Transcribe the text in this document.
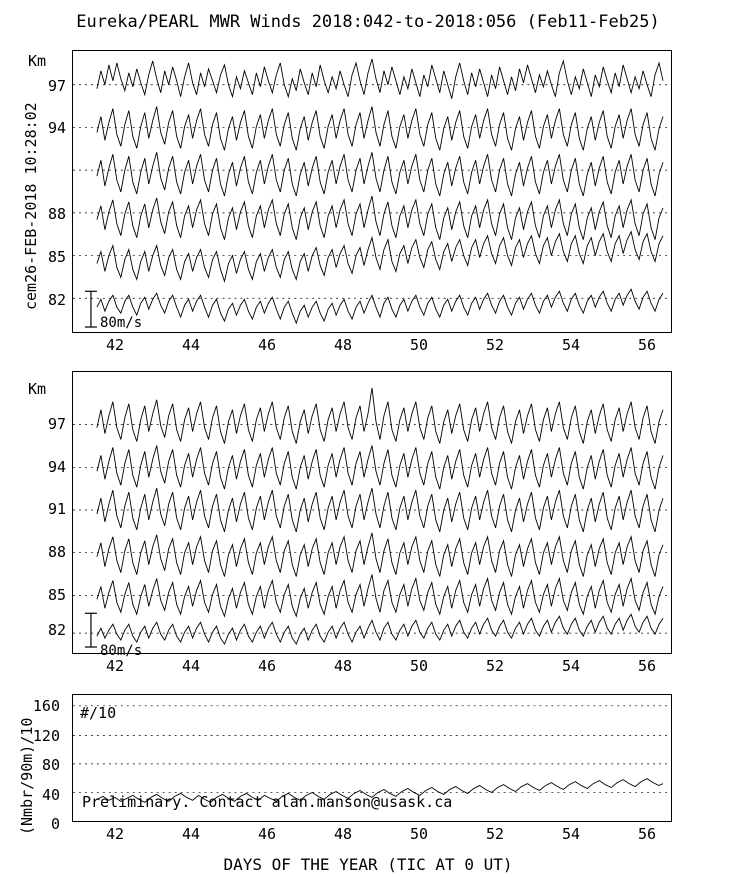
Eureka/PEARL MWR Winds 2018:042-to-2018:056 (Feb11-Feb25)
cem26-FEB-2018 10:28:02
Km
97
94
88
85
82
80m/s
42	44	46	48	50	52	54	56
Km
97
94
91
88
85
82
80m/s
42	44	46	48	50	52	54	56
(Nmbr/90m)/10
160
120
80
40
0
#/10
Preliminary. Contact alan.manson@usask.ca
42	44	46	48	50	52	54	56
DAYS OF THE YEAR (TIC AT 0 UT)
